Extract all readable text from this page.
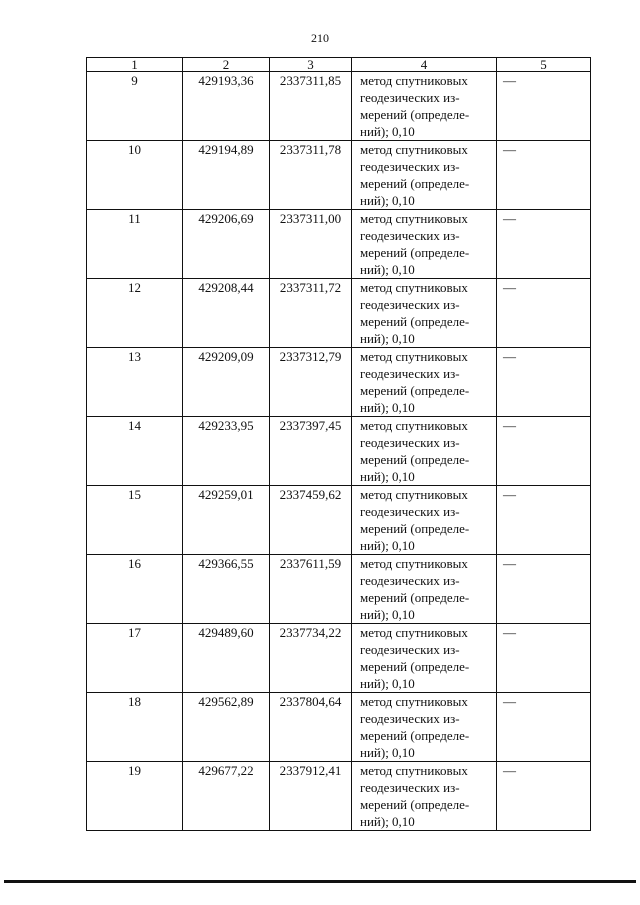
210
1	2	3	4	5
9	429193,36	2337311,85	метод спутниковых
геодезических из-
мерений (определе-
ний); 0,10	—
10	429194,89	2337311,78	метод спутниковых
геодезических из-
мерений (определе-
ний); 0,10	—
11	429206,69	2337311,00	метод спутниковых
геодезических из-
мерений (определе-
ний); 0,10	—
12	429208,44	2337311,72	метод спутниковых
геодезических из-
мерений (определе-
ний); 0,10	—
13	429209,09	2337312,79	метод спутниковых
геодезических из-
мерений (определе-
ний); 0,10	—
14	429233,95	2337397,45	метод спутниковых
геодезических из-
мерений (определе-
ний); 0,10	—
15	429259,01	2337459,62	метод спутниковых
геодезических из-
мерений (определе-
ний); 0,10	—
16	429366,55	2337611,59	метод спутниковых
геодезических из-
мерений (определе-
ний); 0,10	—
17	429489,60	2337734,22	метод спутниковых
геодезических из-
мерений (определе-
ний); 0,10	—
18	429562,89	2337804,64	метод спутниковых
геодезических из-
мерений (определе-
ний); 0,10	—
19	429677,22	2337912,41	метод спутниковых
геодезических из-
мерений (определе-
ний); 0,10	—
